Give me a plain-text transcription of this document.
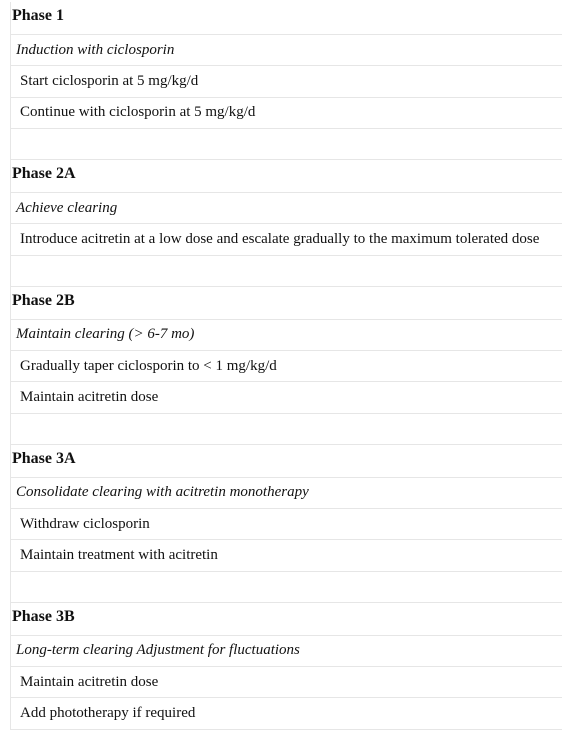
Phase 1
Induction with ciclosporin
Start ciclosporin at 5 mg/kg/d
Continue with ciclosporin at 5 mg/kg/d
Phase 2A
Achieve clearing
Introduce acitretin at a low dose and escalate gradually to the maximum tolerated dose
Phase 2B
Maintain clearing (> 6-7 mo)
Gradually taper ciclosporin to < 1 mg/kg/d
Maintain acitretin dose
Phase 3A
Consolidate clearing with acitretin monotherapy
Withdraw ciclosporin
Maintain treatment with acitretin
Phase 3B
Long-term clearing Adjustment for fluctuations
Maintain acitretin dose
Add phototherapy if required
